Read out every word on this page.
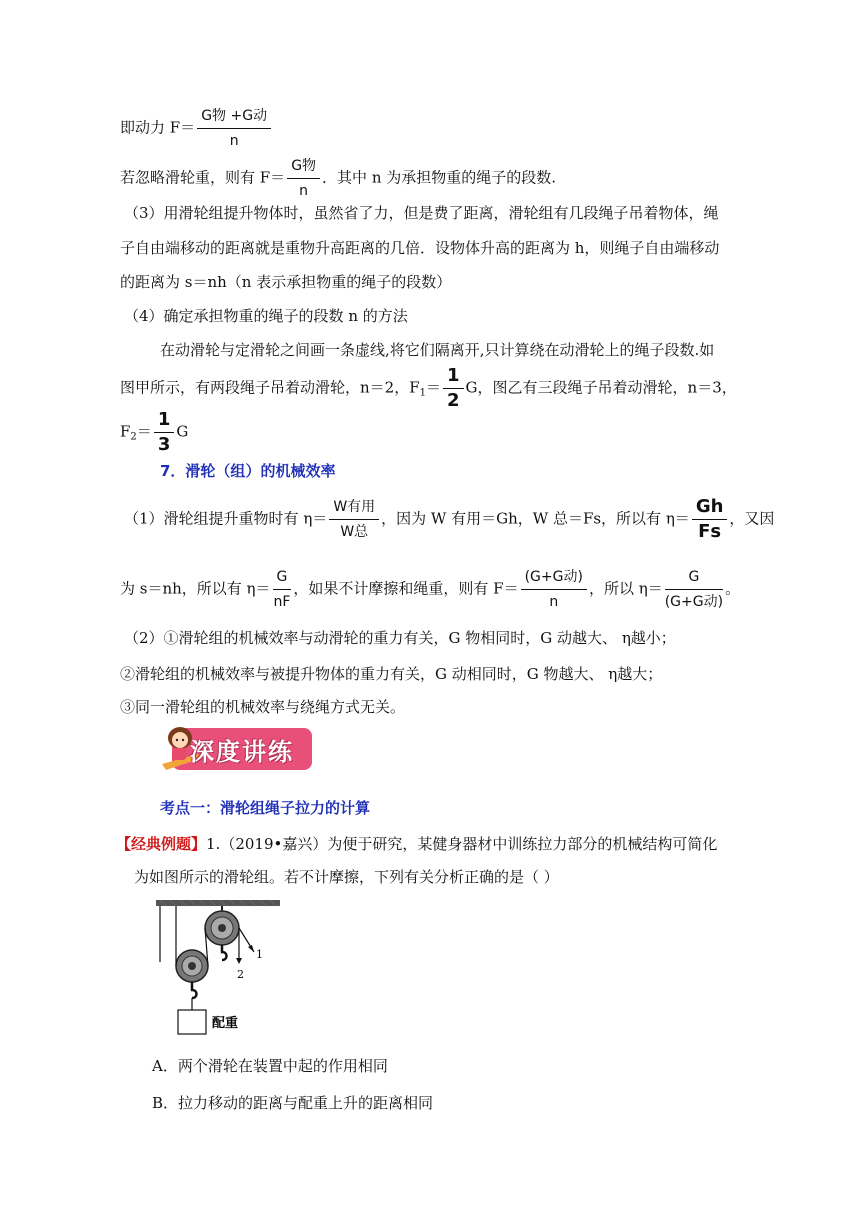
即动力 $F= \frac{\text{G物 +G动}}{n}$
若忽略滑轮重，则有 $F= \frac{\text{G物}}{n}$ ．其中 n 为承担物重的绳子的段数.
（3）用滑轮组提升物体时，虽然省了力，但是费了距离，滑轮组有几段绳子吊着物体，绳
子自由端移动的距离就是重物升高距离的几倍．设物体升高的距离为 h，则绳子自由端移动
的距离为 s＝nh（n 表示承担物重的绳子的段数）
（4）确定承担物重的绳子的段数 n 的方法
在动滑轮与定滑轮之间画一条虚线,将它们隔离开,只计算绕在动滑轮上的绳子段数.如
图甲所示，有两段绳子吊着动滑轮，n＝2，$F_1= \frac{1}{2}$ G，图乙有三段绳子吊着动滑轮，n＝3，
$F_2= \frac{1}{3}$ G
7．滑轮（组）的机械效率
（1）滑轮组提升重物时有 $\eta= \frac{\text{W有用}}{\text{W总}}$ ，因为 W 有用＝Gh，W 总＝Fs，所以有 $\eta= \frac{Gh}{Fs}$ ，又因
为 s＝nh，所以有 $\eta= \frac{G}{nF}$ ，如果不计摩擦和绳重，则有 $F= \frac{\text{(G+G动)}}{n}$ ，所以 $\eta= \frac{G}{\text{(G+G动)}}$ 。
（2）①滑轮组的机械效率与动滑轮的重力有关，G 物相同时，G 动越大、 η越小；
②滑轮组的机械效率与被提升物体的重力有关，G 动相同时，G 物越大、 η越大；
③同一滑轮组的机械效率与绕绳方式无关。
深度讲练
考点一：滑轮组绳子拉力的计算
【经典例题】1.（2019•嘉兴）为便于研究，某健身器材中训练拉力部分的机械结构可简化
为如图所示的滑轮组。若不计摩擦，下列有关分析正确的是（ ）
1
2
配重
A．两个滑轮在装置中起的作用相同
B．拉力移动的距离与配重上升的距离相同
